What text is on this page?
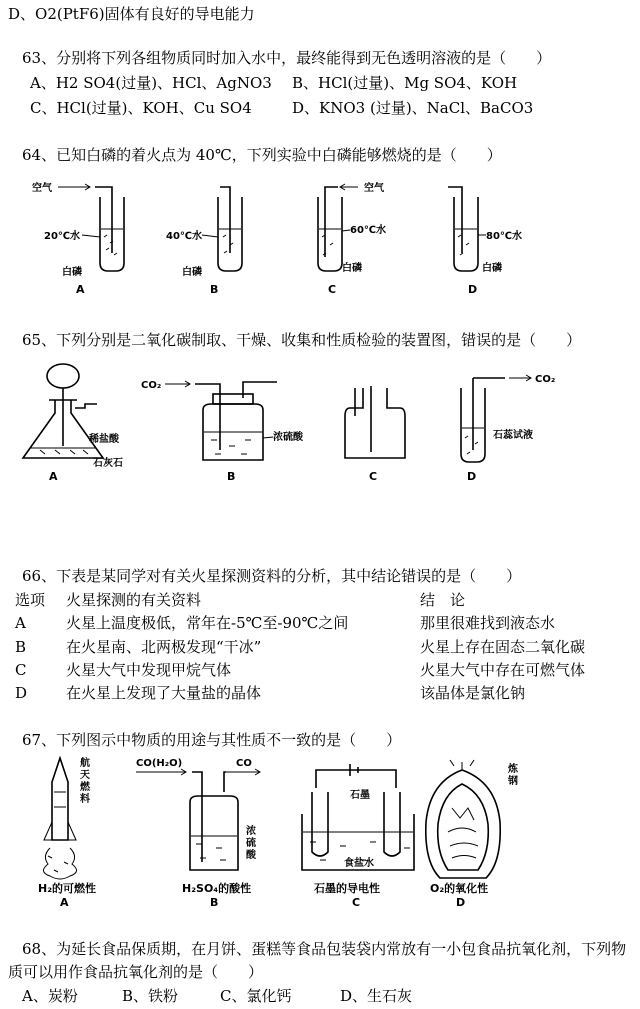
D、O2(PtF6)固体有良好的导电能力
63、分别将下列各组物质同时加入水中，最终能得到无色透明溶液的是（　　）
A、H2 SO4(过量)、HCl、AgNO3 B、HCl(过量)、Mg SO4、KOH
C、HCl(过量)、KOH、Cu SO4	D、KNO3 (过量)、NaCl、BaCO3
64、已知白磷的着火点为 40℃，下列实验中白磷能够燃烧的是（　　）
空气
20℃水
白磷
A
40℃水
白磷
B
空气
60℃水
白磷
C
80℃水
白磷
D
65、下列分别是二氧化碳制取、干燥、收集和性质检验的装置图，错误的是（　　）
稀盐酸
石灰石
A
CO₂
浓硫酸
B	C
CO₂
石蕊试液
D
66、下表是某同学对有关火星探测资料的分析，其中结论错误的是（　　）
选项 火星探测的有关资料	结　论
A	火星上温度极低，常年在-5℃至-90℃之间	那里很难找到液态水
B	在火星南、北两极发现“干冰”	火星上存在固态二氧化碳
C	火星大气中发现甲烷气体	火星大气中存在可燃气体
D	在火星上发现了大量盐的晶体	该晶体是氯化钠
67、下列图示中物质的用途与其性质不一致的是（　　）
航
天
燃
料
H₂的可燃性
A
CO(H₂O)	CO
浓
硫
酸
H₂SO₄的酸性
B
石墨
食盐水
石墨的导电性
C
炼
钢
O₂的氧化性
D
68、为延长食品保质期，在月饼、蛋糕等食品包装袋内常放有一小包食品抗氧化剂，下列物
质可以用作食品抗氧化剂的是（　　）
A、炭粉	B、铁粉	C、氯化钙	D、生石灰
